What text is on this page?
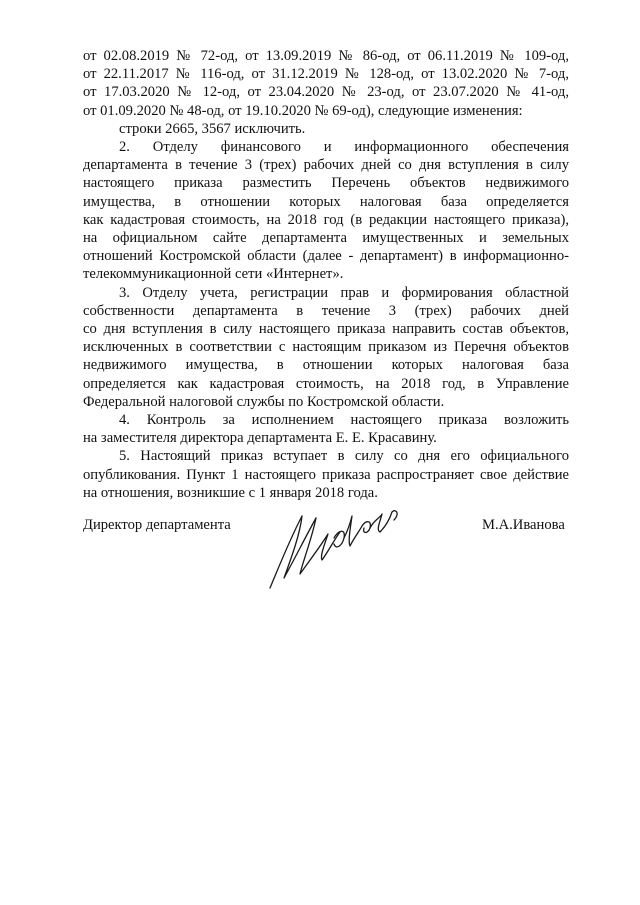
от 02.08.2019 № 72-од, от 13.09.2019 № 86-од, от 06.11.2019 № 109-од,
от 22.11.2017 № 116-од, от 31.12.2019 № 128-од, от 13.02.2020 № 7-од,
от 17.03.2020 № 12-од, от 23.04.2020 № 23-од, от 23.07.2020 № 41-од,
от 01.09.2020 № 48-од, от 19.10.2020 № 69-од), следующие изменения:
строки 2665, 3567 исключить.
2. Отделу финансового и информационного обеспечения
департамента в течение 3 (трех) рабочих дней со дня вступления в силу
настоящего приказа разместить Перечень объектов недвижимого
имущества, в отношении которых налоговая база определяется
как кадастровая стоимость, на 2018 год (в редакции настоящего приказа),
на официальном сайте департамента имущественных и земельных
отношений Костромской области (далее - департамент) в информационно-
телекоммуникационной сети «Интернет».
3. Отделу учета, регистрации прав и формирования областной
собственности департамента в течение 3 (трех) рабочих дней
со дня вступления в силу настоящего приказа направить состав объектов,
исключенных в соответствии с настоящим приказом из Перечня объектов
недвижимого имущества, в отношении которых налоговая база
определяется как кадастровая стоимость, на 2018 год, в Управление
Федеральной налоговой службы по Костромской области.
4. Контроль за исполнением настоящего приказа возложить
на заместителя директора департамента Е. Е. Красавину.
5. Настоящий приказ вступает в силу со дня его официального
опубликования. Пункт 1 настоящего приказа распространяет свое действие
на отношения, возникшие с 1 января 2018 года.
Директор департамента	М.А.Иванова
